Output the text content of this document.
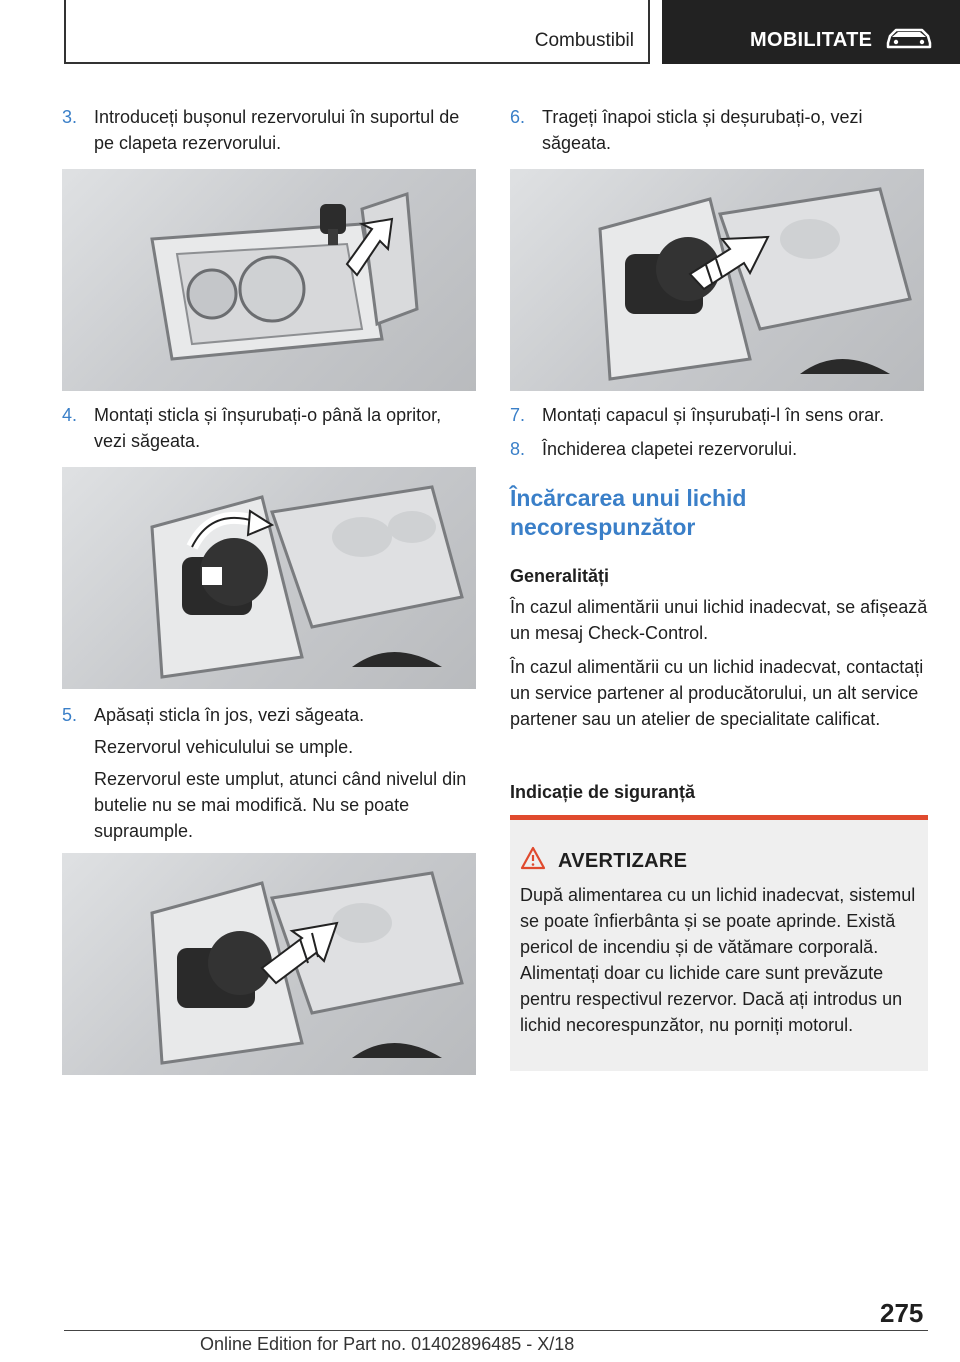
Combustibil	MOBILITATE
3. Introduceți bușonul rezervorului în suportul de pe clapeta rezervorului.
4. Montați sticla și înșurubați-o până la opritor, vezi săgeata.
5. Apăsați sticla în jos, vezi săgeata.
Rezervorul vehiculului se umple.
Rezervorul este umplut, atunci când nivelul din butelie nu se mai modifică. Nu se poate supraumple.
6. Trageți înapoi sticla și deșurubați-o, vezi săgeata.
7. Montați capacul și înșurubați-l în sens orar.
8. Închiderea clapetei rezervorului.
Încărcarea unui lichid necorespunzător
Generalități
În cazul alimentării unui lichid inadecvat, se afișează un mesaj Check-Control.
În cazul alimentării cu un lichid inadecvat, contactați un service partener al producătorului, un alt service partener sau un atelier de specialitate calificat.
Indicație de siguranță
AVERTIZARE
După alimentarea cu un lichid inadecvat, sistemul se poate înfierbânta și se poate aprinde. Există pericol de incendiu și de vătămare corporală. Alimentați doar cu lichide care sunt prevăzute pentru respectivul rezervor. Dacă ați introdus un lichid necorespunzător, nu porniți motorul.
275
Online Edition for Part no. 01402896485 - X/18
